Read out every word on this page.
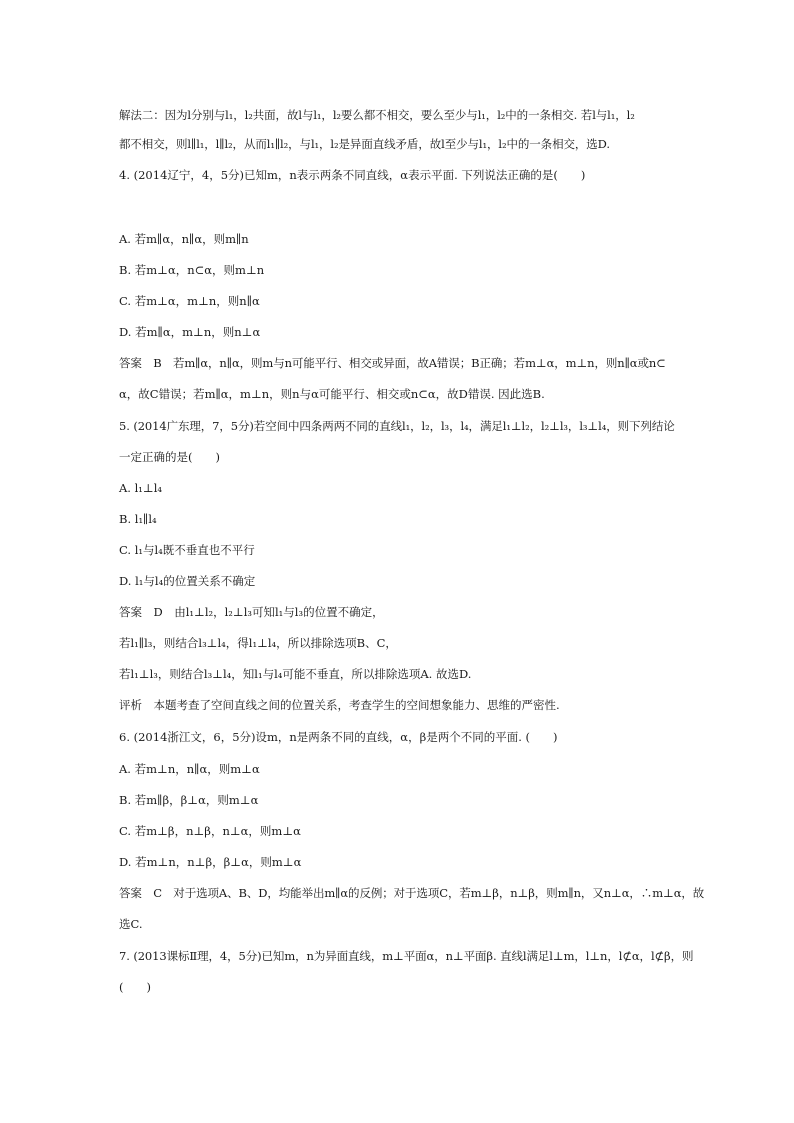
解法二：因为l分别与l₁，l₂共面，故l与l₁，l₂要么都不相交，要么至少与l₁，l₂中的一条相交. 若l与l₁，l₂
都不相交，则l∥l₁，l∥l₂，从而l₁∥l₂，与l₁，l₂是异面直线矛盾，故l至少与l₁，l₂中的一条相交，选D.
4. (2014辽宁，4，5分)已知m，n表示两条不同直线，α表示平面. 下列说法正确的是(　　)
A. 若m∥α，n∥α，则m∥n
B. 若m⊥α，n⊂α，则m⊥n
C. 若m⊥α，m⊥n，则n∥α
D. 若m∥α，m⊥n，则n⊥α
答案　B　若m∥α，n∥α，则m与n可能平行、相交或异面，故A错误；B正确；若m⊥α，m⊥n，则n∥α或n⊂
α，故C错误；若m∥α，m⊥n，则n与α可能平行、相交或n⊂α，故D错误. 因此选B.
5. (2014广东理，7，5分)若空间中四条两两不同的直线l₁，l₂，l₃，l₄，满足l₁⊥l₂，l₂⊥l₃，l₃⊥l₄，则下列结论
一定正确的是(　　)
A. l₁⊥l₄
B. l₁∥l₄
C. l₁与l₄既不垂直也不平行
D. l₁与l₄的位置关系不确定
答案　D　由l₁⊥l₂，l₂⊥l₃可知l₁与l₃的位置不确定，
若l₁∥l₃，则结合l₃⊥l₄，得l₁⊥l₄，所以排除选项B、C，
若l₁⊥l₃，则结合l₃⊥l₄，知l₁与l₄可能不垂直，所以排除选项A. 故选D.
评析　本题考查了空间直线之间的位置关系，考查学生的空间想象能力、思维的严密性.
6. (2014浙江文，6，5分)设m，n是两条不同的直线，α，β是两个不同的平面. (　　)
A. 若m⊥n，n∥α，则m⊥α
B. 若m∥β，β⊥α，则m⊥α
C. 若m⊥β，n⊥β，n⊥α，则m⊥α
D. 若m⊥n，n⊥β，β⊥α，则m⊥α
答案　C　对于选项A、B、D，均能举出m∥α的反例；对于选项C，若m⊥β，n⊥β，则m∥n，又n⊥α，∴m⊥α，故
选C.
7. (2013课标Ⅱ理，4，5分)已知m，n为异面直线，m⊥平面α，n⊥平面β. 直线l满足l⊥m，l⊥n，l⊄α，l⊄β，则
(　　)
